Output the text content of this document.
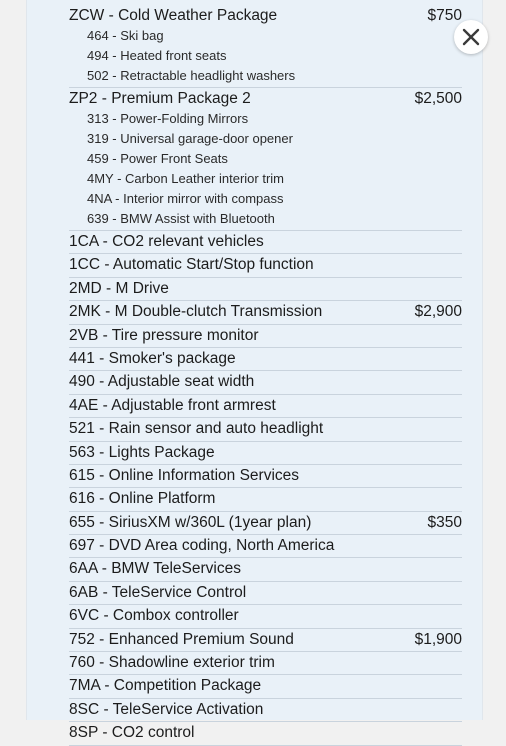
ZCW - Cold Weather Package	$750
464 - Ski bag
494 - Heated front seats
502 - Retractable headlight washers
ZP2 - Premium Package 2	$2,500
313 - Power-Folding Mirrors
319 - Universal garage-door opener
459 - Power Front Seats
4MY - Carbon Leather interior trim
4NA - Interior mirror with compass
639 - BMW Assist with Bluetooth
1CA - CO2 relevant vehicles
1CC - Automatic Start/Stop function
2MD - M Drive
2MK - M Double-clutch Transmission	$2,900
2VB - Tire pressure monitor
441 - Smoker's package
490 - Adjustable seat width
4AE - Adjustable front armrest
521 - Rain sensor and auto headlight
563 - Lights Package
615 - Online Information Services
616 - Online Platform
655 - SiriusXM w/360L (1year plan)	$350
697 - DVD Area coding, North America
6AA - BMW TeleServices
6AB - TeleService Control
6VC - Combox controller
752 - Enhanced Premium Sound	$1,900
760 - Shadowline exterior trim
7MA - Competition Package
8SC - TeleService Activation
8SP - CO2 control
